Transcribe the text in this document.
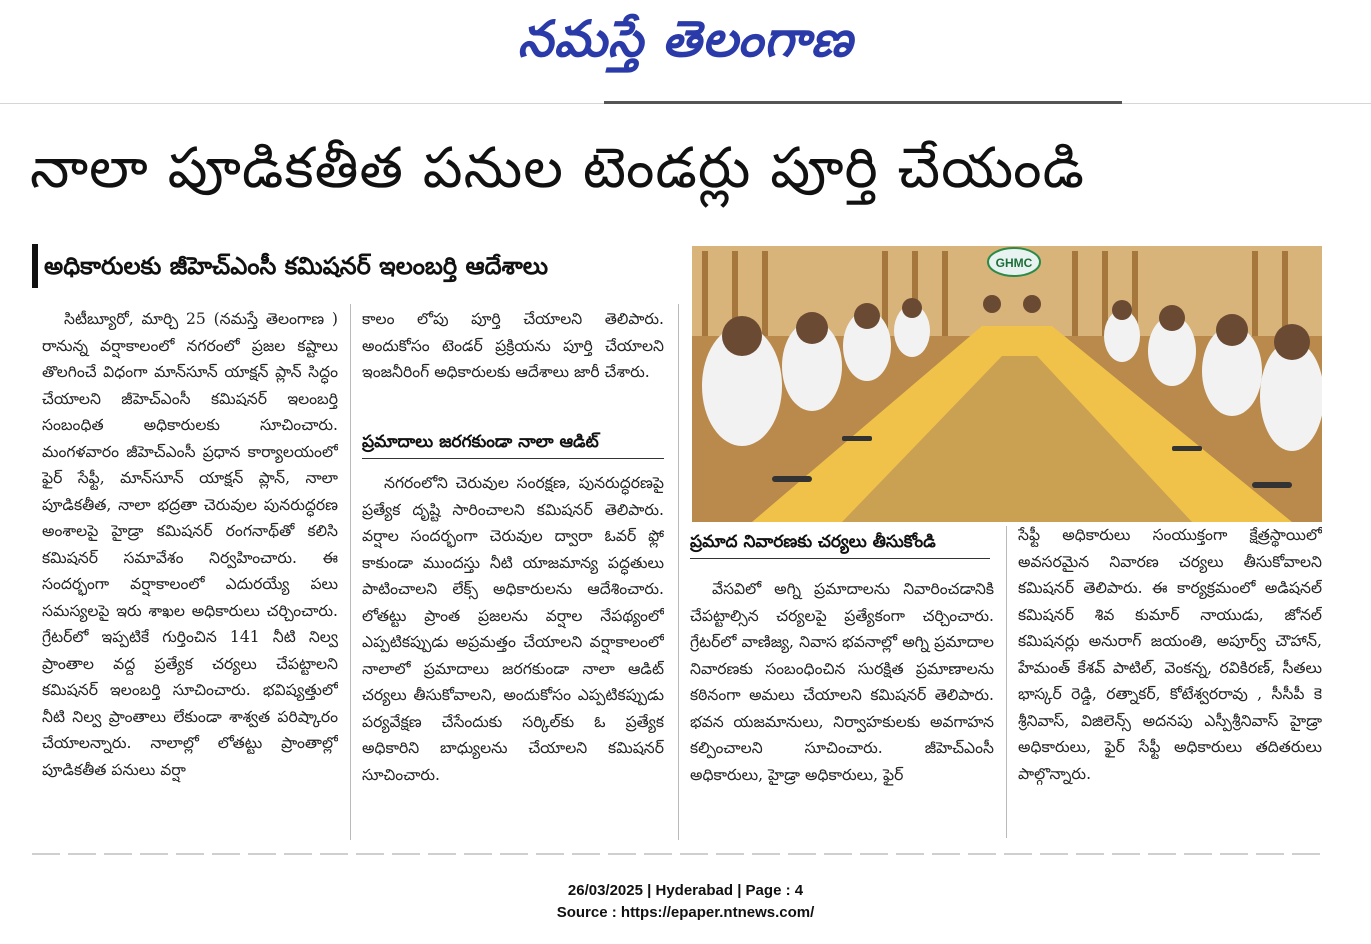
నమస్తే తెలంగాణ
నాలా పూడికతీత పనుల టెండర్లు పూర్తి చేయండి
అధికారులకు జీహెచ్‌ఎంసీ కమిషనర్ ఇలంబర్తి ఆదేశాలు

సిటీబ్యూరో, మార్చి 25 (నమస్తే తెలంగాణ ) రానున్న వర్షాకాలంలో నగరంలో ప్రజల కష్టాలు తొలగించే విధంగా మాన్‌సూన్ యాక్షన్ ప్లాన్ సిద్ధం చేయాలని జీహెచ్‌ఎంసీ కమిషనర్ ఇలంబర్తి సంబంధిత అధికారులకు సూచించారు. మంగళవారం జీహెచ్‌ఎంసీ ప్రధాన కార్యాలయంలో ఫైర్ సేఫ్టీ, మాన్‌సూన్ యాక్షన్ ప్లాన్, నాలా పూడికతీత, నాలా భద్రతా చెరువుల పునరుద్ధరణ అంశాలపై హైడ్రా కమిషనర్ రంగనాథ్‌తో కలిసి కమిషనర్ సమావేశం నిర్వహించారు. ఈ సందర్భంగా వర్షాకాలంలో ఎదురయ్యే పలు సమస్యలపై ఇరు శాఖల అధికారులు చర్చించారు. గ్రేటర్‌లో ఇప్పటికే గుర్తించిన 141 నీటి నిల్వ ప్రాంతాల వద్ద ప్రత్యేక చర్యలు చేపట్టాలని కమిషనర్ ఇలంబర్తి సూచించారు. భవిష్యత్తులో నీటి నిల్వ ప్రాంతాలు లేకుండా శాశ్వత పరిష్కారం చేయాలన్నారు. నాలాల్లో లోతట్టు ప్రాంతాల్లో పూడికతీత పనులు వర్షా

కాలం లోపు పూర్తి చేయాలని తెలిపారు. అందుకోసం టెండర్ ప్రక్రియను పూర్తి చేయాలని ఇంజనీరింగ్ అధికారులకు ఆదేశాలు జారీ చేశారు.

ప్రమాదాలు జరగకుండా నాలా ఆడిట్

నగరంలోని చెరువుల సంరక్షణ, పునరుద్ధరణపై ప్రత్యేక దృష్టి సారించాలని కమిషనర్ తెలిపారు. వర్షాల సందర్భంగా చెరువుల ద్వారా ఓవర్ ఫ్లో కాకుండా ముందస్తు నీటి యాజమాన్య పద్ధతులు పాటించాలని లేక్స్ అధికారులను ఆదేశించారు. లోతట్టు ప్రాంత ప్రజలను వర్షాల నేపథ్యంలో ఎప్పటికప్పుడు అప్రమత్తం చేయాలని వర్షాకాలంలో నాలాలో ప్రమాదాలు జరగకుండా నాలా ఆడిట్ చర్యలు తీసుకోవాలని, అందుకోసం ఎప్పటికప్పుడు పర్యవేక్షణ చేసేందుకు సర్కిల్‌కు ఓ ప్రత్యేక అధికారిని బాధ్యులను చేయాలని కమిషనర్ సూచించారు.

GHMC
ప్రమాద నివారణకు చర్యలు తీసుకోండి

వేసవిలో అగ్ని ప్రమాదాలను నివారించడానికి చేపట్టాల్సిన చర్యలపై ప్రత్యేకంగా చర్చించారు. గ్రేటర్‌లో వాణిజ్య, నివాస భవనాల్లో అగ్ని ప్రమాదాల నివారణకు సంబంధించిన సురక్షిత ప్రమాణాలను కఠినంగా అమలు చేయాలని కమిషనర్ తెలిపారు. భవన యజమానులు, నిర్వాహకులకు అవగాహన కల్పించాలని సూచించారు. జీహెచ్‌ఎంసీ అధికారులు, హైడ్రా అధికారులు, ఫైర్

సేఫ్టీ అధికారులు సంయుక్తంగా క్షేత్రస్థాయిలో అవసరమైన నివారణ చర్యలు తీసుకోవాలని కమిషనర్ తెలిపారు. ఈ కార్యక్రమంలో అడిషనల్ కమిషనర్ శివ కుమార్ నాయుడు, జోనల్ కమిషనర్లు అనురాగ్ జయంతి, అపూర్వ్ చౌహాన్, హేమంత్ కేశవ్ పాటిల్, వెంకన్న, రవికిరణ్, సీతలు భాస్కర్ రెడ్డి, రత్నాకర్, కోటేశ్వరరావు , సీసీపీ కె శ్రీనివాస్, విజిలెన్స్ అదనపు ఎస్పీశ్రీనివాస్ హైడ్రా అధికారులు, ఫైర్ సేఫ్టీ అధికారులు తదితరులు పాల్గొన్నారు.

26/03/2025 | Hyderabad | Page : 4
Source : https://epaper.ntnews.com/
